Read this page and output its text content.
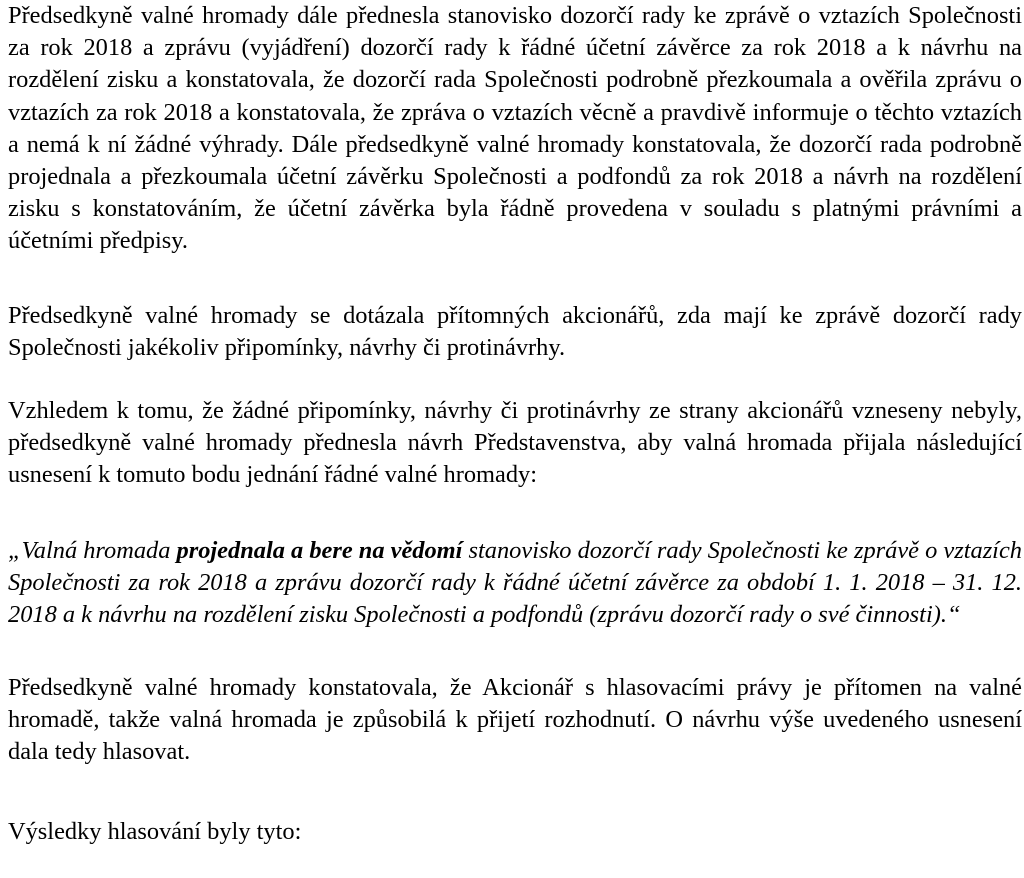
Předsedkyně valné hromady dále přednesla stanovisko dozorčí rady ke zprávě o vztazích Společnosti za rok 2018 a zprávu (vyjádření) dozorčí rady k řádné účetní závěrce za rok 2018 a k návrhu na rozdělení zisku a konstatovala, že dozorčí rada Společnosti podrobně přezkoumala a ověřila zprávu o vztazích za rok 2018 a konstatovala, že zpráva o vztazích věcně a pravdivě informuje o těchto vztazích a nemá k ní žádné výhrady. Dále předsedkyně valné hromady konstatovala, že dozorčí rada podrobně projednala a přezkoumala účetní závěrku Společnosti a podfondů za rok 2018 a návrh na rozdělení zisku s konstatováním, že účetní závěrka byla řádně provedena v souladu s platnými právními a účetními předpisy.

Předsedkyně valné hromady se dotázala přítomných akcionářů, zda mají ke zprávě dozorčí rady Společnosti jakékoliv připomínky, návrhy či protinávrhy.

Vzhledem k tomu, že žádné připomínky, návrhy či protinávrhy ze strany akcionářů vzneseny nebyly, předsedkyně valné hromady přednesla návrh Představenstva, aby valná hromada přijala následující usnesení k tomuto bodu jednání řádné valné hromady:

„Valná hromada projednala a bere na vědomí stanovisko dozorčí rady Společnosti ke zprávě o vztazích Společnosti za rok 2018 a zprávu dozorčí rady k řádné účetní závěrce za období 1. 1. 2018 – 31. 12. 2018 a k návrhu na rozdělení zisku Společnosti a podfondů (zprávu dozorčí rady o své činnosti).“

Předsedkyně valné hromady konstatovala, že Akcionář s hlasovacími právy je přítomen na valné hromadě, takže valná hromada je způsobilá k přijetí rozhodnutí. O návrhu výše uvedeného usnesení dala tedy hlasovat.

Výsledky hlasování byly tyto:
